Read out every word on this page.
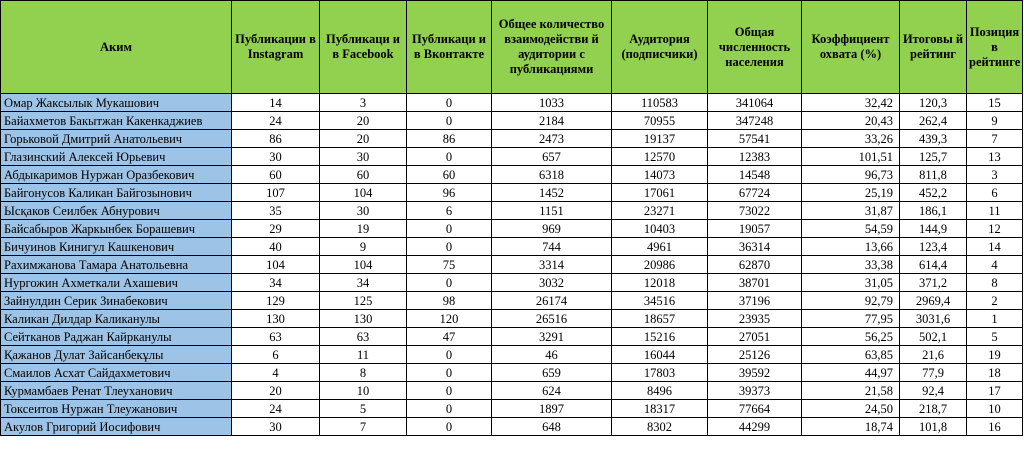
Аким	Публикации в Instagram	Публикаци и в Facebook	Публикаци и в Вконтакте	Общее количество взаимодействи й аудитории с публикациями	Аудитория (подписчики)	Общая численность населения	Коэффициент охвата (%)	Итоговы й рейтинг	Позиция в рейтинге
Омар Жаксылык Мукашович	14	3	0	1033	110583	341064	32,42	120,3	15
Байахметов Бакытжан Какенкаджиев	24	20	0	2184	70955	347248	20,43	262,4	9
Горьковой Дмитрий Анатольевич	86	20	86	2473	19137	57541	33,26	439,3	7
Глазинский Алексей Юрьевич	30	30	0	657	12570	12383	101,51	125,7	13
Абдыкаримов Нуржан Оразбекович	60	60	60	6318	14073	14548	96,73	811,8	3
Байгонусов Каликан Байгозынович	107	104	96	1452	17061	67724	25,19	452,2	6
Ысқаков Сеилбек Абнурович	35	30	6	1151	23271	73022	31,87	186,1	11
Байсабыров Жаркынбек Борашевич	29	19	0	969	10403	19057	54,59	144,9	12
Бичуинов Кинигул Кашкенович	40	9	0	744	4961	36314	13,66	123,4	14
Рахимжанова Тамара Анатольевна	104	104	75	3314	20986	62870	33,38	614,4	4
Нургожин Ахметкали Ахашевич	34	34	0	3032	12018	38701	31,05	371,2	8
Зайнулдин Серик Зинабекович	129	125	98	26174	34516	37196	92,79	2969,4	2
Каликан Дилдар Каликанулы	130	130	120	26516	18657	23935	77,95	3031,6	1
Сейтканов Раджан Кайрканулы	63	63	47	3291	15216	27051	56,25	502,1	5
Қажанов Дулат Зайсанбекұлы	6	11	0	46	16044	25126	63,85	21,6	19
Смаилов Асхат Сайдахметович	4	8	0	659	17803	39592	44,97	77,9	18
Курмамбаев Ренат Тлеуханович	20	10	0	624	8496	39373	21,58	92,4	17
Токсеитов Нуржан Тлеужанович	24	5	0	1897	18317	77664	24,50	218,7	10
Акулов Григорий Иосифович	30	7	0	648	8302	44299	18,74	101,8	16
